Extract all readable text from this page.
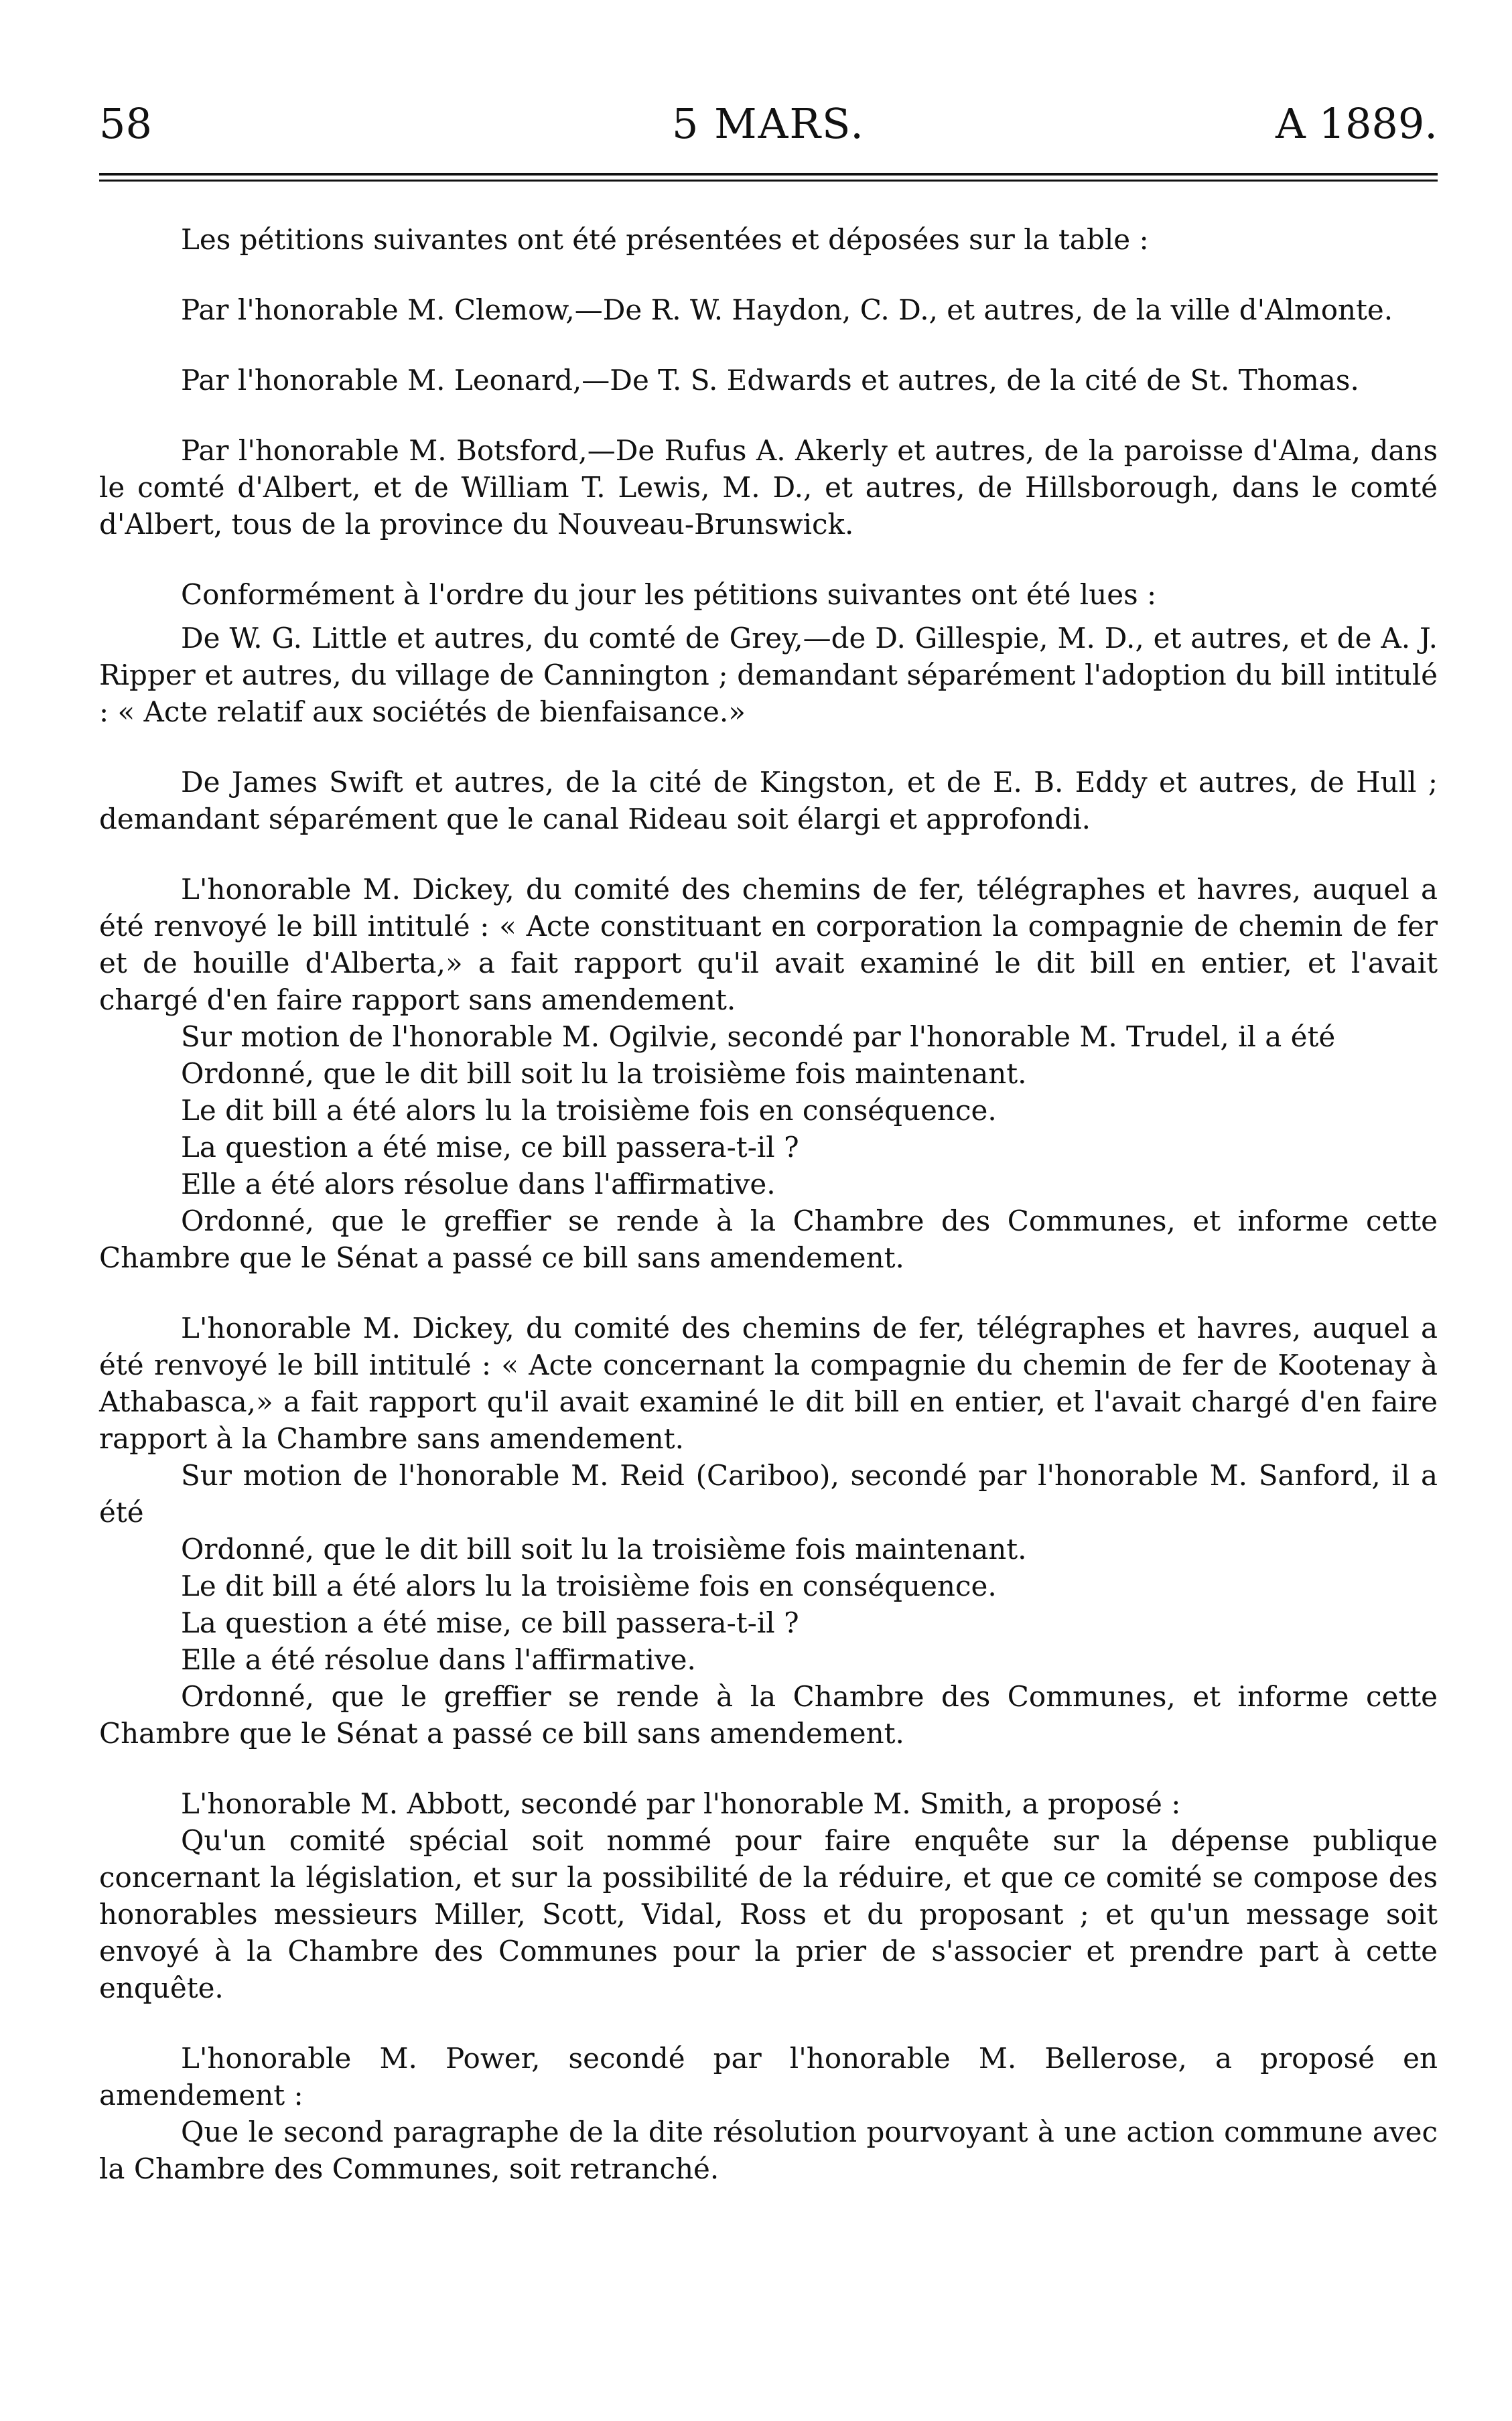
58	5 MARS.	A 1889.

Les pétitions suivantes ont été présentées et déposées sur la table :

Par l'honorable M. Clemow,—De R. W. Haydon, C. D., et autres, de la ville d'Almonte.

Par l'honorable M. Leonard,—De T. S. Edwards et autres, de la cité de St. Thomas.

Par l'honorable M. Botsford,—De Rufus A. Akerly et autres, de la paroisse d'Alma, dans le comté d'Albert, et de William T. Lewis, M. D., et autres, de Hillsborough, dans le comté d'Albert, tous de la province du Nouveau-Brunswick.

Conformément à l'ordre du jour les pétitions suivantes ont été lues :

De W. G. Little et autres, du comté de Grey,—de D. Gillespie, M. D., et autres, et de A. J. Ripper et autres, du village de Cannington ; demandant séparément l'adoption du bill intitulé : « Acte relatif aux sociétés de bienfaisance.»

De James Swift et autres, de la cité de Kingston, et de E. B. Eddy et autres, de Hull ; demandant séparément que le canal Rideau soit élargi et approfondi.

L'honorable M. Dickey, du comité des chemins de fer, télégraphes et havres, auquel a été renvoyé le bill intitulé : « Acte constituant en corporation la compagnie de chemin de fer et de houille d'Alberta,» a fait rapport qu'il avait examiné le dit bill en entier, et l'avait chargé d'en faire rapport sans amendement.

Sur motion de l'honorable M. Ogilvie, secondé par l'honorable M. Trudel, il a été

Ordonné, que le dit bill soit lu la troisième fois maintenant.

Le dit bill a été alors lu la troisième fois en conséquence.

La question a été mise, ce bill passera-t-il ?

Elle a été alors résolue dans l'affirmative.

Ordonné, que le greffier se rende à la Chambre des Communes, et informe cette Chambre que le Sénat a passé ce bill sans amendement.

L'honorable M. Dickey, du comité des chemins de fer, télégraphes et havres, auquel a été renvoyé le bill intitulé : « Acte concernant la compagnie du chemin de fer de Kootenay à Athabasca,» a fait rapport qu'il avait examiné le dit bill en entier, et l'avait chargé d'en faire rapport à la Chambre sans amendement.

Sur motion de l'honorable M. Reid (Cariboo), secondé par l'honorable M. Sanford, il a été

Ordonné, que le dit bill soit lu la troisième fois maintenant.

Le dit bill a été alors lu la troisième fois en conséquence.

La question a été mise, ce bill passera-t-il ?

Elle a été résolue dans l'affirmative.

Ordonné, que le greffier se rende à la Chambre des Communes, et informe cette Chambre que le Sénat a passé ce bill sans amendement.

L'honorable M. Abbott, secondé par l'honorable M. Smith, a proposé :

Qu'un comité spécial soit nommé pour faire enquête sur la dépense publique concernant la législation, et sur la possibilité de la réduire, et que ce comité se compose des honorables messieurs Miller, Scott, Vidal, Ross et du proposant ; et qu'un message soit envoyé à la Chambre des Communes pour la prier de s'associer et prendre part à cette enquête.

L'honorable M. Power, secondé par l'honorable M. Bellerose, a proposé en amendement :

Que le second paragraphe de la dite résolution pourvoyant à une action commune avec la Chambre des Communes, soit retranché.
